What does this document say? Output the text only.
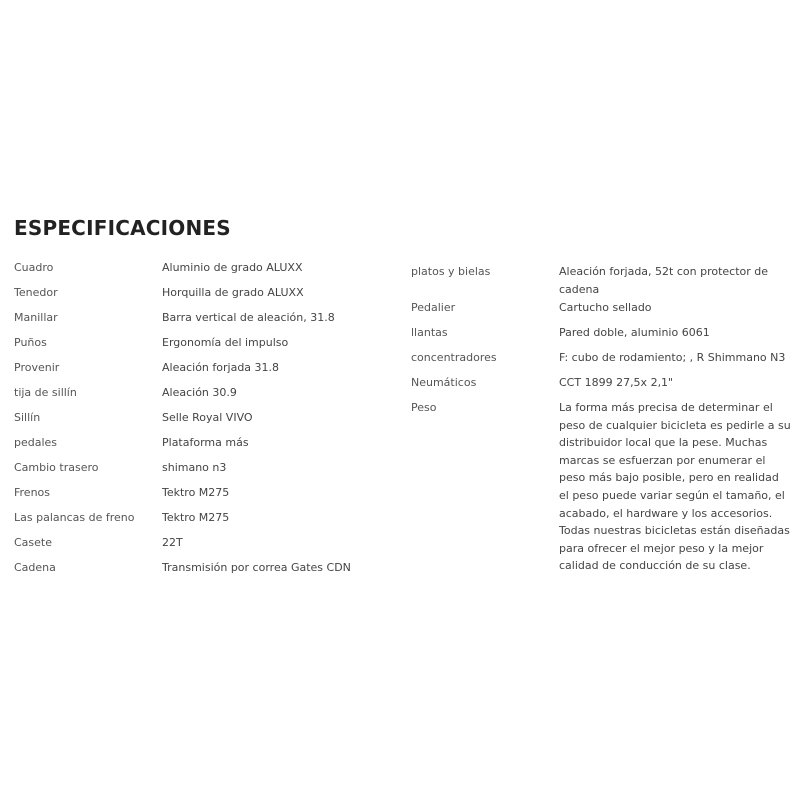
ESPECIFICACIONES
Cuadro	Aluminio de grado ALUXX
Tenedor	Horquilla de grado ALUXX
Manillar	Barra vertical de aleación, 31.8
Puños	Ergonomía del impulso
Provenir	Aleación forjada 31.8
tija de sillín	Aleación 30.9
Sillín	Selle Royal VIVO
pedales	Plataforma más
Cambio trasero	shimano n3
Frenos	Tektro M275
Las palancas de freno	Tektro M275
Casete	22T
Cadena	Transmisión por correa Gates CDN
platos y bielas	Aleación forjada, 52t con protector de cadena
Pedalier	Cartucho sellado
llantas	Pared doble, aluminio 6061
concentradores	F: cubo de rodamiento; , R Shimmano N3
Neumáticos	CCT 1899 27,5x 2,1"
Peso	La forma más precisa de determinar el peso de cualquier bicicleta es pedirle a su distribuidor local que la pese. Muchas marcas se esfuerzan por enumerar el peso más bajo posible, pero en realidad el peso puede variar según el tamaño, el acabado, el hardware y los accesorios. Todas nuestras bicicletas están diseñadas para ofrecer el mejor peso y la mejor calidad de conducción de su clase.
